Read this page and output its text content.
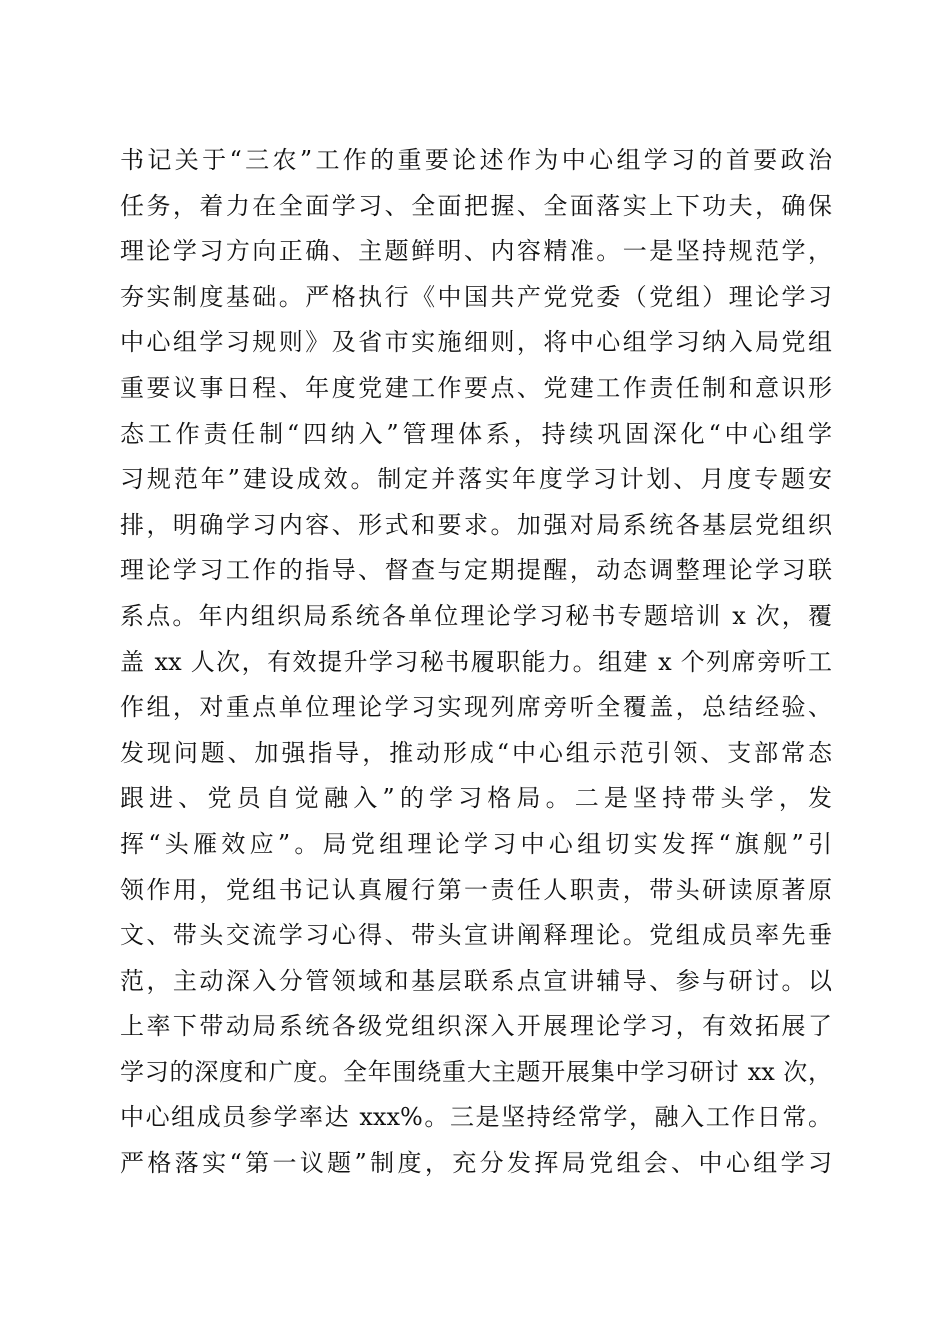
书记关于“三农”工作的重要论述作为中心组学习的首要政治
任务，着力在全面学习、全面把握、全面落实上下功夫，确保
理论学习方向正确、主题鲜明、内容精准。一是坚持规范学，
夯实制度基础。严格执行《中国共产党党委（党组）理论学习
中心组学习规则》及省市实施细则，将中心组学习纳入局党组
重要议事日程、年度党建工作要点、党建工作责任制和意识形
态工作责任制“四纳入”管理体系，持续巩固深化“中心组学
习规范年”建设成效。制定并落实年度学习计划、月度专题安
排，明确学习内容、形式和要求。加强对局系统各基层党组织
理论学习工作的指导、督查与定期提醒，动态调整理论学习联
系点。年内组织局系统各单位理论学习秘书专题培训 x 次，覆
盖 xx 人次，有效提升学习秘书履职能力。组建 x 个列席旁听工
作组，对重点单位理论学习实现列席旁听全覆盖，总结经验、
发现问题、加强指导，推动形成“中心组示范引领、支部常态
跟进、党员自觉融入”的学习格局。二是坚持带头学，发
挥“头雁效应”。局党组理论学习中心组切实发挥“旗舰”引
领作用，党组书记认真履行第一责任人职责，带头研读原著原
文、带头交流学习心得、带头宣讲阐释理论。党组成员率先垂
范，主动深入分管领域和基层联系点宣讲辅导、参与研讨。以
上率下带动局系统各级党组织深入开展理论学习，有效拓展了
学习的深度和广度。全年围绕重大主题开展集中学习研讨 xx 次，
中心组成员参学率达 xxx%。三是坚持经常学，融入工作日常。
严格落实“第一议题”制度，充分发挥局党组会、中心组学习
